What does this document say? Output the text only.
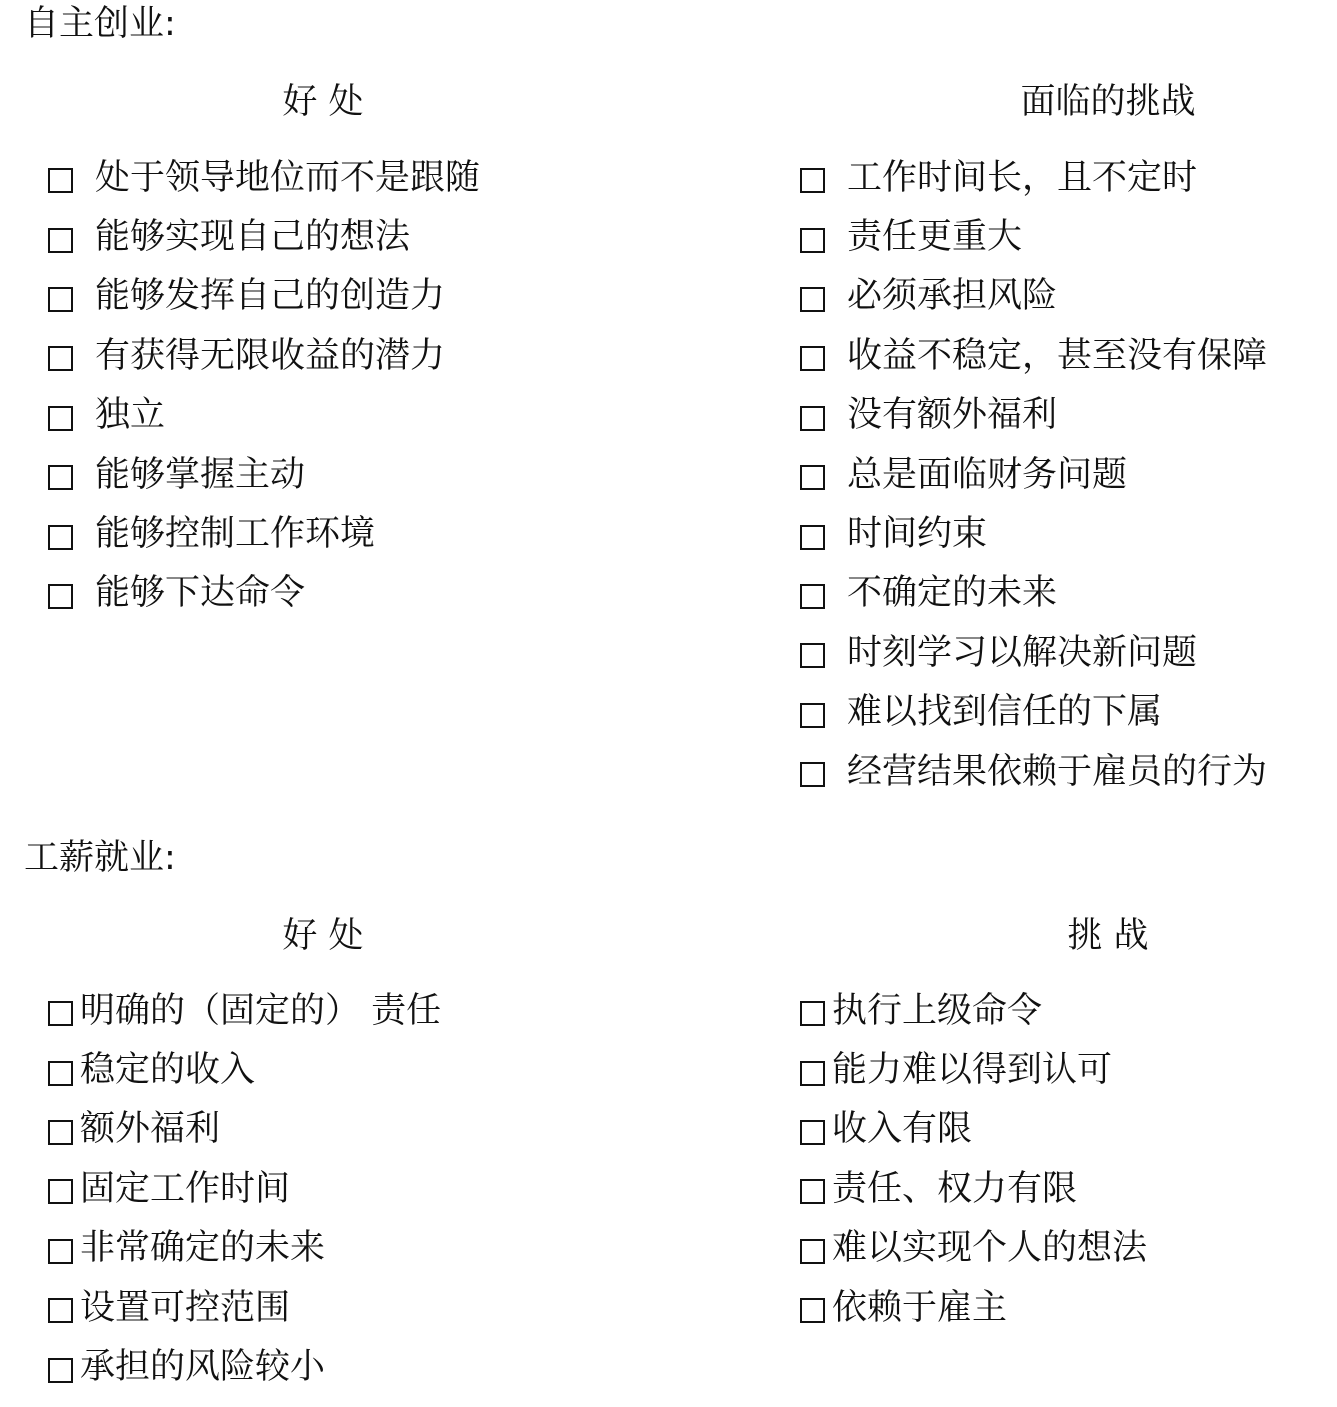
自主创业:
好 处	面临的挑战
处于领导地位而不是跟随
能够实现自己的想法
能够发挥自己的创造力
有获得无限收益的潜力
独立
能够掌握主动
能够控制工作环境
能够下达命令
工作时间长，且不定时
责任更重大
必须承担风险
收益不稳定，甚至没有保障
没有额外福利
总是面临财务问题
时间约束
不确定的未来
时刻学习以解决新问题
难以找到信任的下属
经营结果依赖于雇员的行为
工薪就业:
好 处	挑 战
明确的（固定的） 责任
稳定的收入
额外福利
固定工作时间
非常确定的未来
设置可控范围
承担的风险较小
执行上级命令
能力难以得到认可
收入有限
责任、权力有限
难以实现个人的想法
依赖于雇主
